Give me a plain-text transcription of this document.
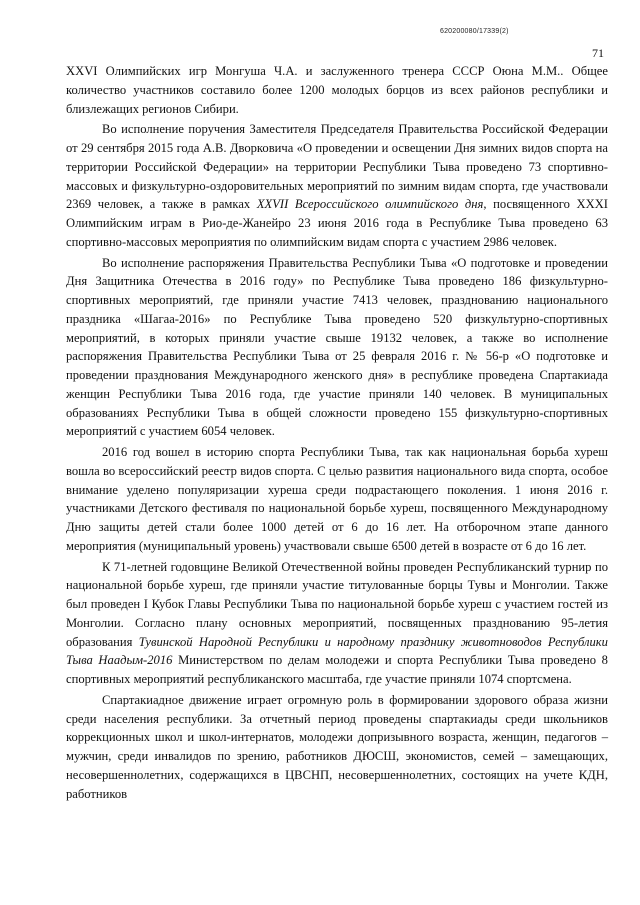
620200080/17339(2)
71

XXVI Олимпийских игр Монгуша Ч.А. и заслуженного тренера СССР Оюна М.М.. Общее количество участников составило более 1200 молодых борцов из всех районов республики и близлежащих регионов Сибири.

Во исполнение поручения Заместителя Председателя Правительства Российской Федерации от 29 сентября 2015 года А.В. Дворковича «О проведении и освещении Дня зимних видов спорта на территории Российской Федерации» на территории Республики Тыва проведено 73 спортивно-массовых и физкультурно-оздоровительных мероприятий по зимним видам спорта, где участвовали 2369 человек, а также в рамках XXVII Всероссийского олимпийского дня, посвященного XXXI Олимпийским играм в Рио-де-Жанейро 23 июня 2016 года в Республике Тыва проведено 63 спортивно-массовых мероприятия по олимпийским видам спорта с участием 2986 человек.

Во исполнение распоряжения Правительства Республики Тыва «О подготовке и проведении Дня Защитника Отечества в 2016 году» по Республике Тыва проведено 186 физкультурно-спортивных мероприятий, где приняли участие 7413 человек, празднованию национального праздника «Шагаа-2016» по Республике Тыва проведено 520 физкультурно-спортивных мероприятий, в которых приняли участие свыше 19132 человек, а также во исполнение распоряжения Правительства Республики Тыва от 25 февраля 2016 г. № 56-р «О подготовке и проведении празднования Международного женского дня» в республике проведена Спартакиада женщин Республики Тыва 2016 года, где участие приняли 140 человек. В муниципальных образованиях Республики Тыва в общей сложности проведено 155 физкультурно-спортивных мероприятий с участием 6054 человек.

2016 год вошел в историю спорта Республики Тыва, так как национальная борьба хуреш вошла во всероссийский реестр видов спорта. С целью развития национального вида спорта, особое внимание уделено популяризации хуреша среди подрастающего поколения. 1 июня 2016 г. участниками Детского фестиваля по национальной борьбе хуреш, посвященного Международному Дню защиты детей стали более 1000 детей от 6 до 16 лет. На отборочном этапе данного мероприятия (муниципальный уровень) участвовали свыше 6500 детей в возрасте от 6 до 16 лет.

К 71-летней годовщине Великой Отечественной войны проведен Республиканский турнир по национальной борьбе хуреш, где приняли участие титулованные борцы Тувы и Монголии. Также был проведен I Кубок Главы Республики Тыва по национальной борьбе хуреш с участием гостей из Монголии. Согласно плану основных мероприятий, посвященных празднованию 95-летия образования Тувинской Народной Республики и народному празднику животноводов Республики Тыва Наадым-2016 Министерством по делам молодежи и спорта Республики Тыва проведено 8 спортивных мероприятий республиканского масштаба, где участие приняли 1074 спортсмена.

Спартакиадное движение играет огромную роль в формировании здорового образа жизни среди населения республики. За отчетный период проведены спартакиады среди школьников коррекционных школ и школ-интернатов, молодежи допризывного возраста, женщин, педагогов – мужчин, среди инвалидов по зрению, работников ДЮСШ, экономистов, семей – замещающих, несовершеннолетних, содержащихся в ЦВСНП, несовершеннолетних, состоящих на учете КДН, работников
